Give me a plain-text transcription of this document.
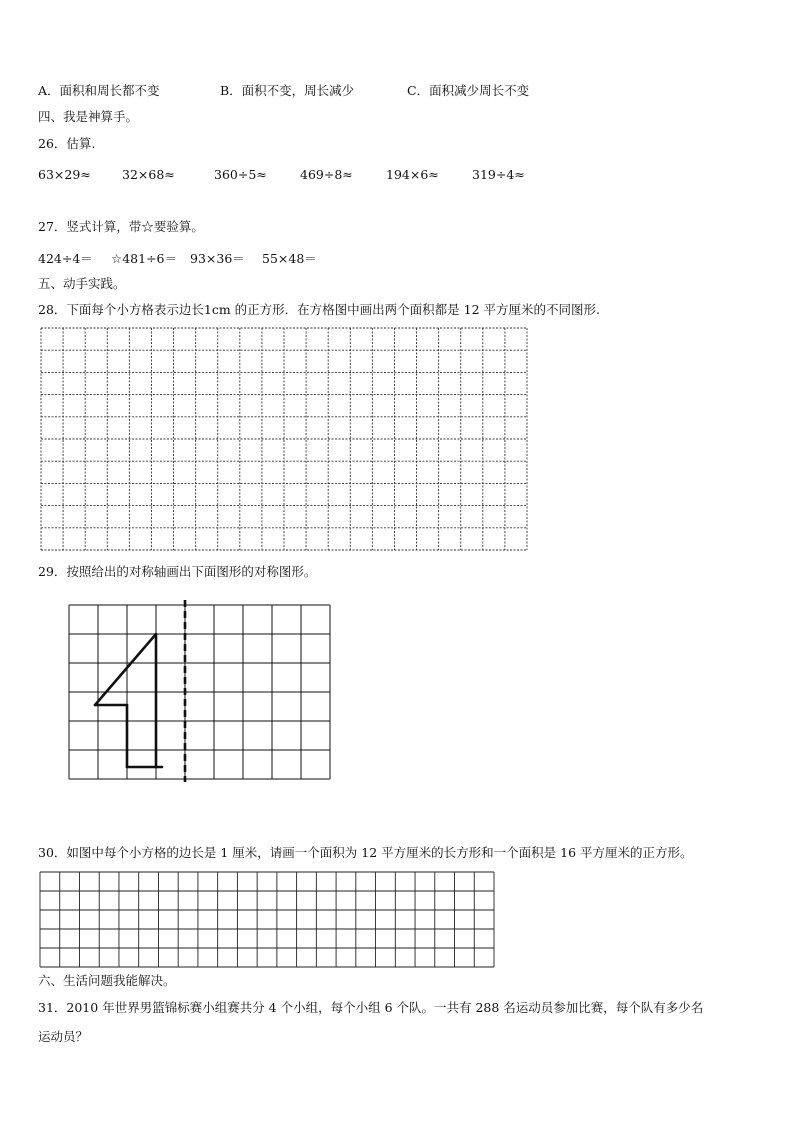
A．面积和周长都不变	B．面积不变，周长减少	C．面积减少周长不变
四、我是神算手。
26．估算.
63×29≈ 32×68≈	360÷5≈	469÷8≈	194×6≈	319÷4≈
27．竖式计算，带☆要验算。
424÷4＝ ☆481÷6＝ 93×36＝ 55×48＝
五、动手实践。
28．下面每个小方格表示边长1cm 的正方形．在方格图中画出两个面积都是 12 平方厘米的不同图形.
29．按照给出的对称轴画出下面图形的对称图形。
30．如图中每个小方格的边长是 1 厘米，请画一个面积为 12 平方厘米的长方形和一个面积是 16 平方厘米的正方形。
六、生活问题我能解决。
31．2010 年世界男篮锦标赛小组赛共分 4 个小组，每个小组 6 个队。一共有 288 名运动员参加比赛，每个队有多少名
运动员？
